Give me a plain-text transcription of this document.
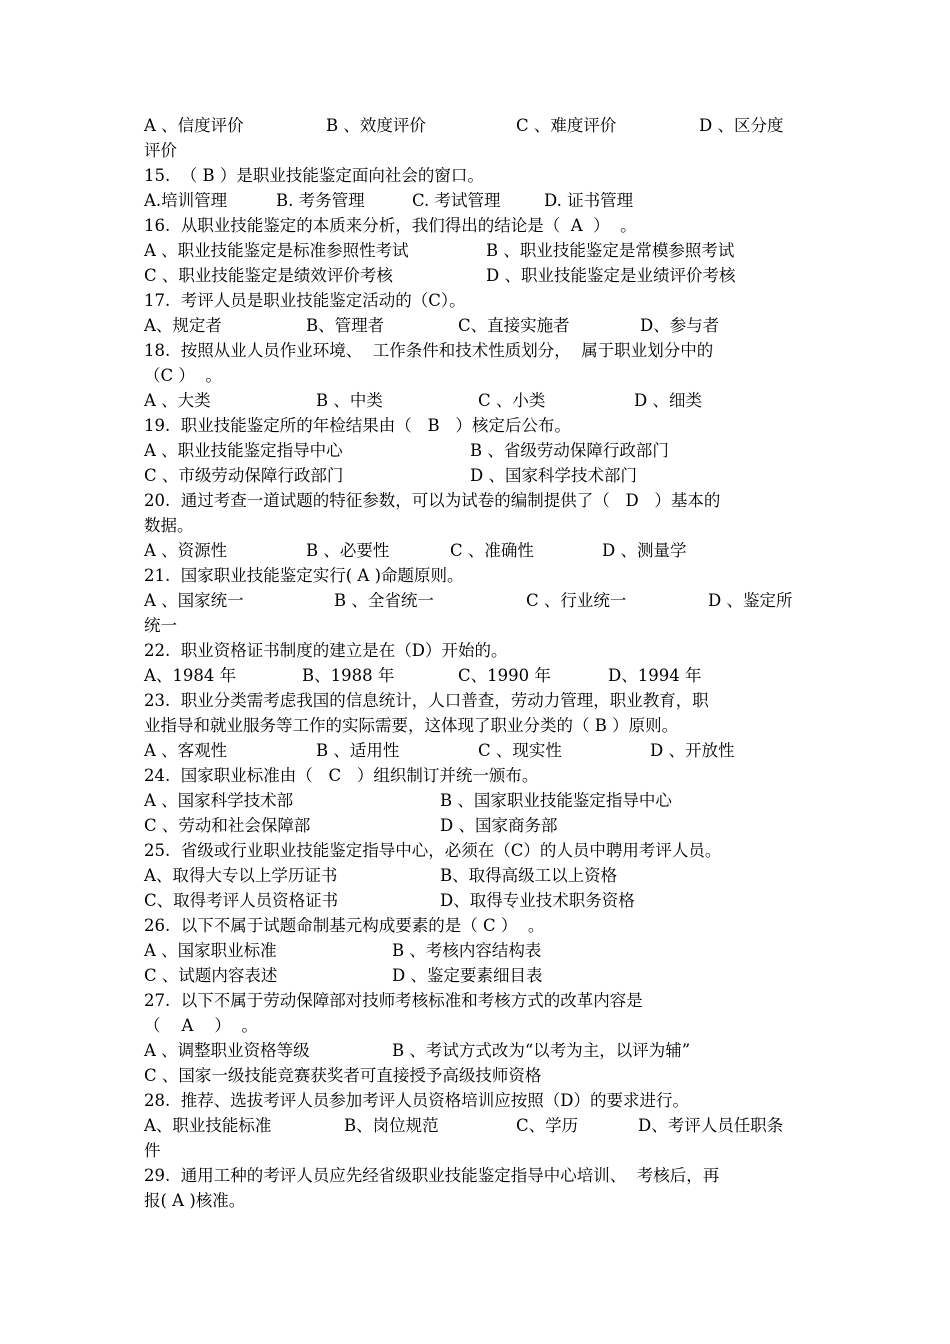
A 、信度评价	B 、效度评价	C 、难度评价	D 、区分度
评价
15.  （ B ）是职业技能鉴定面向社会的窗口。
A.培训管理	B. 考务管理	C. 考试管理	D. 证书管理
16.  从职业技能鉴定的本质来分析，我们得出的结论是（  A  ）  。
A 、职业技能鉴定是标准参照性考试	B 、职业技能鉴定是常模参照考试
C 、职业技能鉴定是绩效评价考核	D 、职业技能鉴定是业绩评价考核
17.  考评人员是职业技能鉴定活动的（C）。
A、规定者	B、管理者	C、直接实施者	D、参与者
18.  按照从业人员作业环境、  工作条件和技术性质划分，  属于职业划分中的
（C ）  。
A 、大类	B 、中类	C 、小类	D 、细类
19.  职业技能鉴定所的年检结果由（   B   ）核定后公布。
A 、职业技能鉴定指导中心	B 、省级劳动保障行政部门
C 、市级劳动保障行政部门	D 、国家科学技术部门
20.  通过考查一道试题的特征参数，可以为试卷的编制提供了（   D   ）基本的
数据。
A 、资源性	B 、必要性	C 、准确性	D 、测量学
21.  国家职业技能鉴定实行( A )命题原则。
A 、国家统一	B 、全省统一	C 、行业统一	D 、鉴定所
统一
22.  职业资格证书制度的建立是在（D）开始的。
A、1984 年	B、1988 年	C、1990 年	D、1994 年
23.  职业分类需考虑我国的信息统计，人口普查，劳动力管理，职业教育，职
业指导和就业服务等工作的实际需要，这体现了职业分类的（ B ）原则。
A 、客观性	B 、适用性	C 、现实性	D 、开放性
24.  国家职业标准由（   C   ）组织制订并统一颁布。
A 、国家科学技术部	B 、国家职业技能鉴定指导中心
C 、劳动和社会保障部	D 、国家商务部
25.  省级或行业职业技能鉴定指导中心，必须在（C）的人员中聘用考评人员。
A、取得大专以上学历证书	B、取得高级工以上资格
C、取得考评人员资格证书	D、取得专业技术职务资格
26.  以下不属于试题命制基元构成要素的是（ C ）  。
A 、国家职业标准	B 、考核内容结构表
C 、试题内容表述	D 、鉴定要素细目表
27.  以下不属于劳动保障部对技师考核标准和考核方式的改革内容是
（    A    ）  。
A 、调整职业资格等级	B 、考试方式改为“以考为主，以评为辅”
C 、国家一级技能竞赛获奖者可直接授予高级技师资格
28.  推荐、选拔考评人员参加考评人员资格培训应按照（D）的要求进行。
A、职业技能标准	B、岗位规范	C、学历	D、考评人员任职条
件
29.  通用工种的考评人员应先经省级职业技能鉴定指导中心培训、  考核后，再
报( A )核准。
